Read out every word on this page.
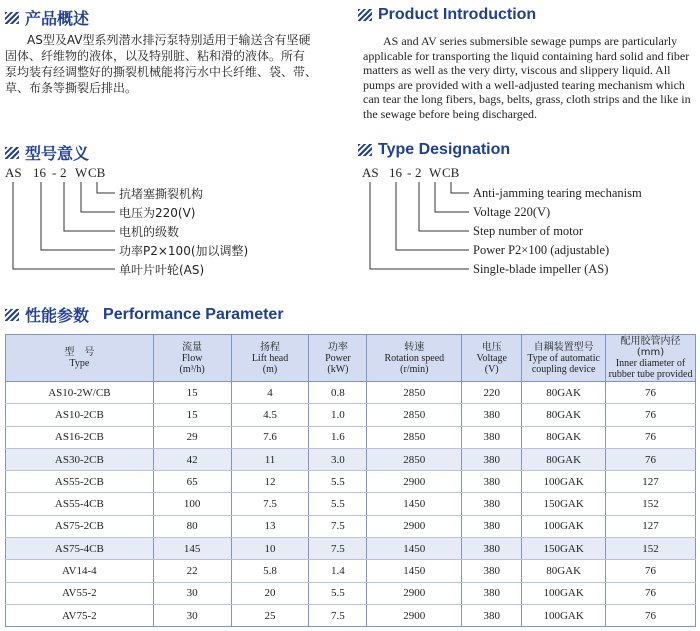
产品概述
AS型及AV型系列潜水排污泵特别适用于输送含有坚硬
固体、纤维物的液体，以及特别脏、粘和滑的液体。所有
泵均装有经调整好的撕裂机械能将污水中长纤维、袋、带、
草、布条等撕裂后排出。
Product Introduction
AS and AV series submersible sewage pumps are particularly
applicable for transporting the liquid containing hard solid and fiber
matters as well as the very dirty, viscous and slippery liquid. All
pumps are provided with a well-adjusted tearing mechanism which
can tear the long fibers, bags, belts, grass, cloth strips and the like in
the sewage before being discharged.
型号意义
AS 16 - 2 W CB
抗堵塞撕裂机构
电压为220(V)
电机的级数
功率P2×100(加以调整)
单叶片叶轮(AS)
Type Designation
AS 16 - 2 W CB
Anti-jamming tearing mechanism
Voltage 220(V)
Step number of motor
Power P2×100 (adjustable)
Single-blade impeller (AS)
性能参数 Performance Parameter
型　号
Type	流量
Flow
(m³/h)	扬程
Lift head
(m)	功率
Power
(kW)	转速
Rotation speed
(r/min)	电压
Voltage
(V)	自耦装置型号
Type of automatic
coupling device	配用胶管内径(mm)
Inner diameter of
rubber tube provided

AS10-2W/CB	15	4	0.8	2850	220	80GAK	76
AS10-2CB	15	4.5	1.0	2850	380	80GAK	76
AS16-2CB	29	7.6	1.6	2850	380	80GAK	76
AS30-2CB	42	11	3.0	2850	380	80GAK	76
AS55-2CB	65	12	5.5	2900	380	100GAK	127
AS55-4CB	100	7.5	5.5	1450	380	150GAK	152
AS75-2CB	80	13	7.5	2900	380	100GAK	127
AS75-4CB	145	10	7.5	1450	380	150GAK	152
AV14-4	22	5.8	1.4	1450	380	80GAK	76
AV55-2	30	20	5.5	2900	380	100GAK	76
AV75-2	30	25	7.5	2900	380	100GAK	76
